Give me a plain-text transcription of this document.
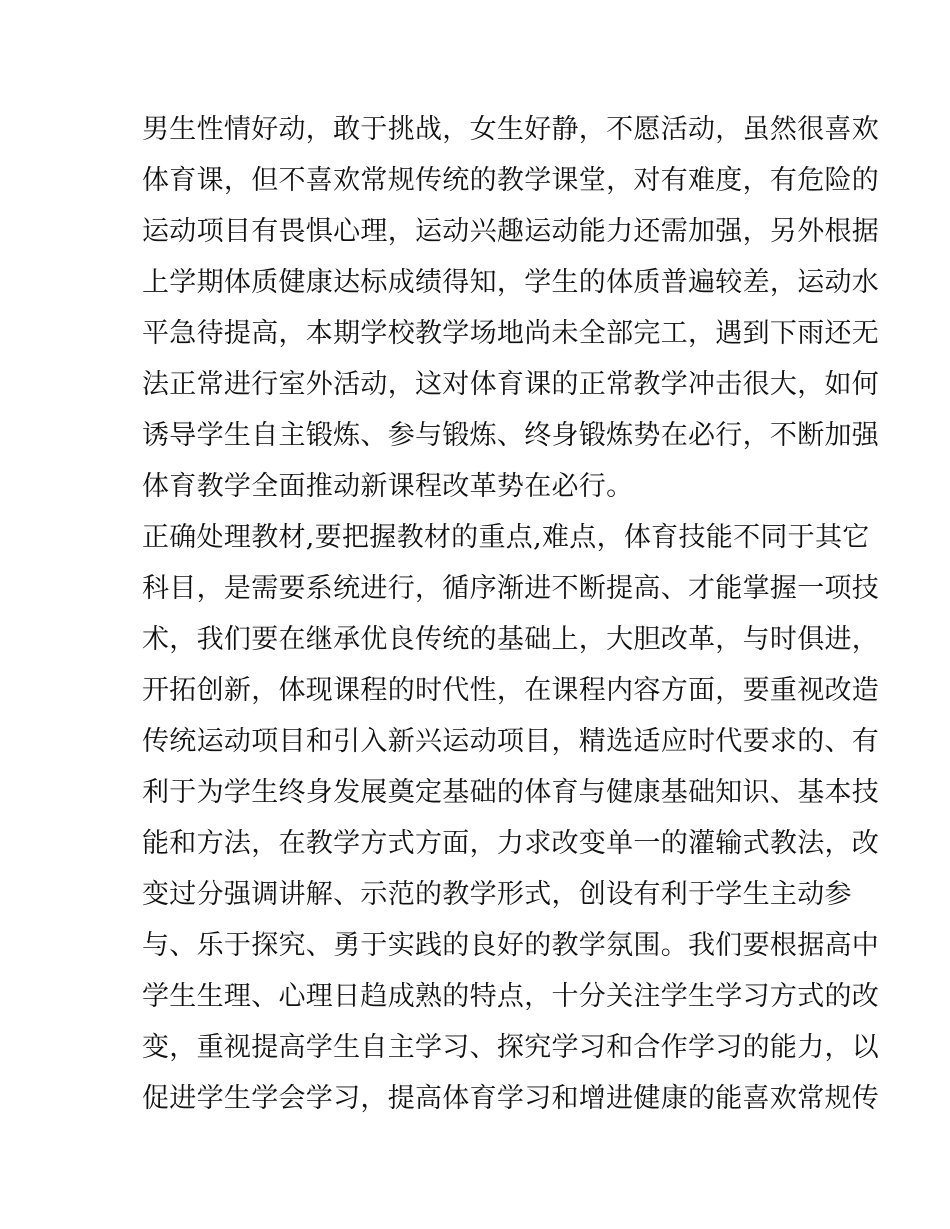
男生性情好动，敢于挑战，女生好静，不愿活动，虽然很喜欢
体育课，但不喜欢常规传统的教学课堂，对有难度，有危险的
运动项目有畏惧心理，运动兴趣运动能力还需加强，另外根据
上学期体质健康达标成绩得知，学生的体质普遍较差，运动水
平急待提高，本期学校教学场地尚未全部完工，遇到下雨还无
法正常进行室外活动，这对体育课的正常教学冲击很大，如何
诱导学生自主锻炼、参与锻炼、终身锻炼势在必行，不断加强
体育教学全面推动新课程改革势在必行。
正确处理教材,要把握教材的重点,难点，体育技能不同于其它
科目，是需要系统进行，循序渐进不断提高、才能掌握一项技
术，我们要在继承优良传统的基础上，大胆改革，与时俱进，
开拓创新，体现课程的时代性，在课程内容方面，要重视改造
传统运动项目和引入新兴运动项目，精选适应时代要求的、有
利于为学生终身发展奠定基础的体育与健康基础知识、基本技
能和方法，在教学方式方面，力求改变单一的灌输式教法，改
变过分强调讲解、示范的教学形式，创设有利于学生主动参
与、乐于探究、勇于实践的良好的教学氛围。我们要根据高中
学生生理、心理日趋成熟的特点，十分关注学生学习方式的改
变，重视提高学生自主学习、探究学习和合作学习的能力，以
促进学生学会学习，提高体育学习和增进健康的能喜欢常规传
